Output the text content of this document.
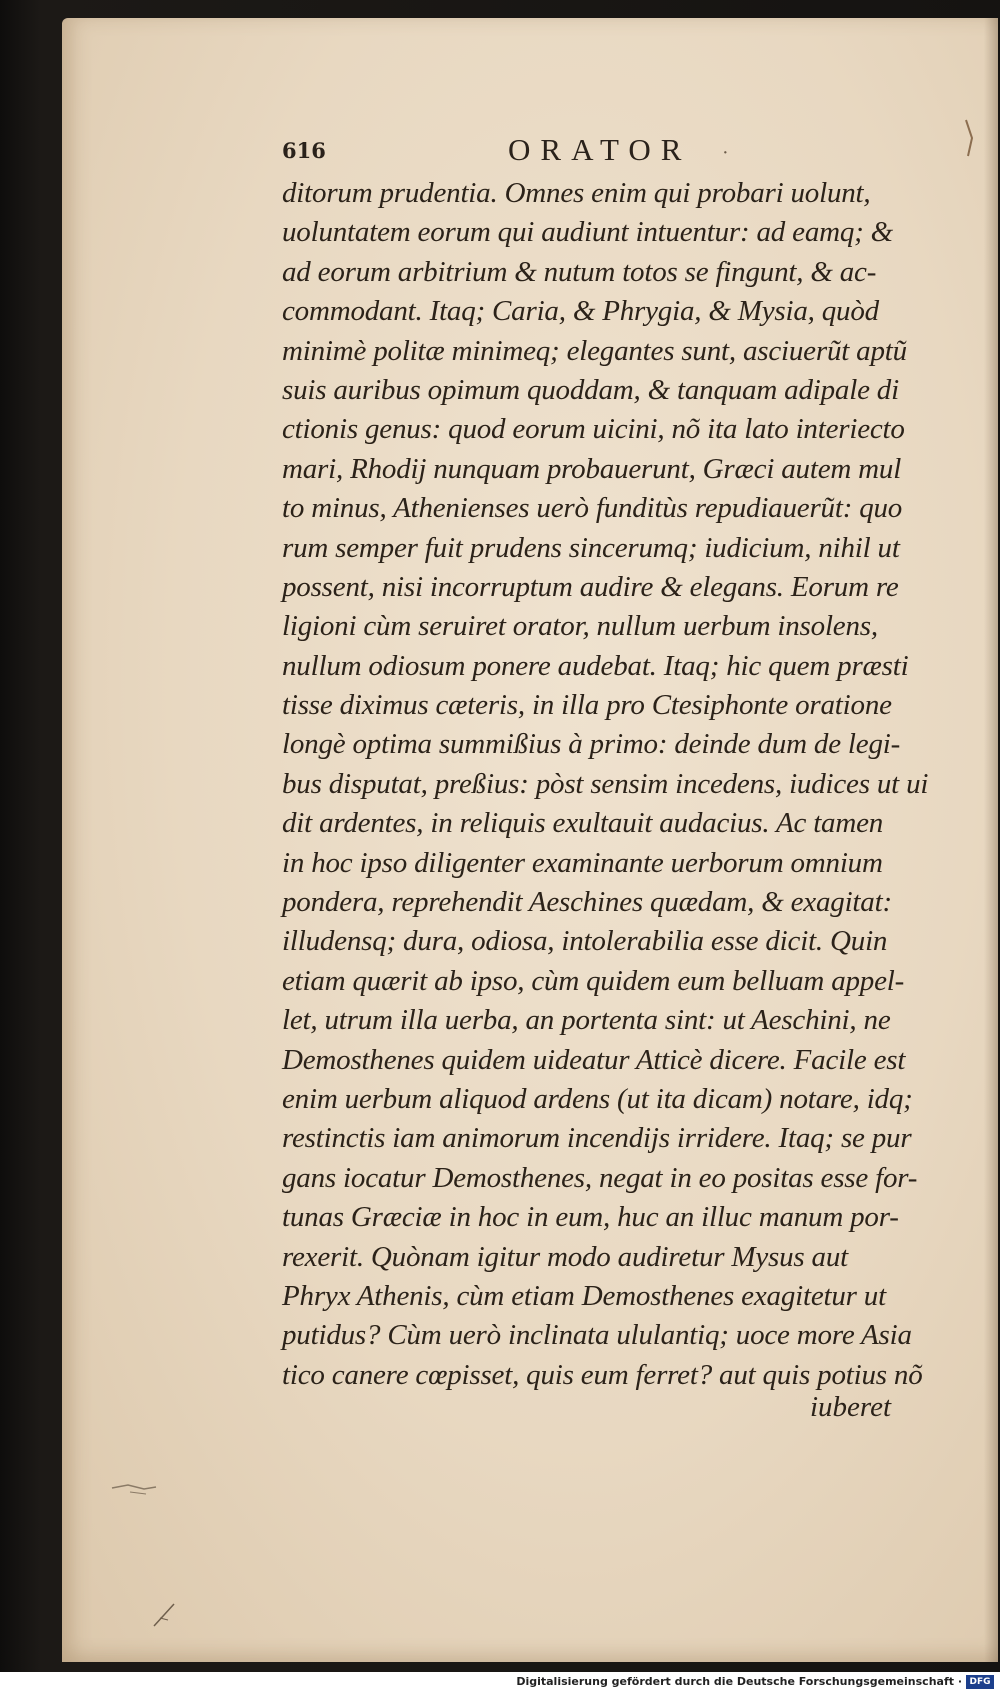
616	ORATOR ·
ditorum prudentia. Omnes enim qui probari uolunt,
uoluntatem eorum qui audiunt intuentur: ad eamq; &
ad eorum arbitrium & nutum totos se fingunt, & ac-
commodant. Itaq; Caria, & Phrygia, & Mysia, quòd
minimè politæ minimeq; elegantes sunt, asciuerũt aptũ
suis auribus opimum quoddam, & tanquam adipale di
ctionis genus: quod eorum uicini, nõ ita lato interiecto
mari, Rhodij nunquam probauerunt, Græci autem mul
to minus, Athenienses uerò funditùs repudiauerũt: quo
rum semper fuit prudens sincerumq; iudicium, nihil ut
possent, nisi incorruptum audire & elegans. Eorum re
ligioni cùm seruiret orator, nullum uerbum insolens,
nullum odiosum ponere audebat. Itaq; hic quem præsti
tisse diximus cæteris, in illa pro Ctesiphonte oratione
longè optima summißius à primo: deinde dum de legi-
bus disputat, preßius: pòst sensim incedens, iudices ut ui
dit ardentes, in reliquis exultauit audacius. Ac tamen
in hoc ipso diligenter examinante uerborum omnium
pondera, reprehendit Aeschines quædam, & exagitat:
illudensq; dura, odiosa, intolerabilia esse dicit. Quin
etiam quærit ab ipso, cùm quidem eum belluam appel-
let, utrum illa uerba, an portenta sint: ut Aeschini, ne
Demosthenes quidem uideatur Atticè dicere. Facile est
enim uerbum aliquod ardens (ut ita dicam) notare, idq;
restinctis iam animorum incendijs irridere. Itaq; se pur
gans iocatur Demosthenes, negat in eo positas esse for-
tunas Græciæ in hoc in eum, huc an illuc manum por-
rexerit. Quònam igitur modo audiretur Mysus aut
Phryx Athenis, cùm etiam Demosthenes exagitetur ut
putidus? Cùm uerò inclinata ululantiq; uoce more Asia
tico canere cœpisset, quis eum ferret? aut quis potius nõ
iuberet
Digitalisierung gefördert durch die Deutsche Forschungsgemeinschaft · DFG
